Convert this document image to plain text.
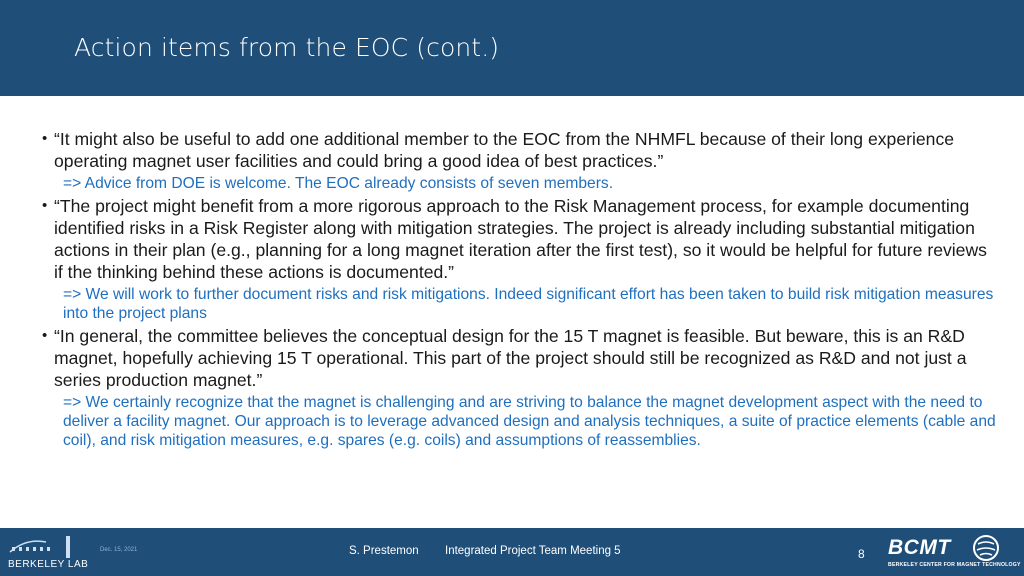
Action items from the EOC (cont.)
• “It might also be useful to add one additional member to the EOC from the NHMFL because of their long experience operating magnet user facilities and could bring a good idea of best practices.”
=> Advice from DOE is welcome. The EOC already consists of seven members.
• “The project might benefit from a more rigorous approach to the Risk Management process, for example documenting identified risks in a Risk Register along with mitigation strategies. The project is already including substantial mitigation actions in their plan (e.g., planning for a long magnet iteration after the first test), so it would be helpful for future reviews if the thinking behind these actions is documented.”
=> We will work to further document risks and risk mitigations. Indeed significant effort has been taken to build risk mitigation measures into the project plans
• “In general, the committee believes the conceptual design for the 15 T magnet is feasible. But beware, this is an R&D magnet, hopefully achieving 15 T operational. This part of the project should still be recognized as R&D and not just a series production magnet.”
=> We certainly recognize that the magnet is challenging and are striving to balance the magnet development aspect with the need to deliver a facility magnet. Our approach is to leverage advanced design and analysis techniques, a suite of practice elements (cable and coil), and risk mitigation measures, e.g. spares (e.g. coils) and assumptions of reassemblies.
BERKELEY LAB
Dec. 15, 2021	S. Prestemon Integrated Project Team Meeting 5	8 BCMT
BERKELEY CENTER FOR MAGNET TECHNOLOGY
